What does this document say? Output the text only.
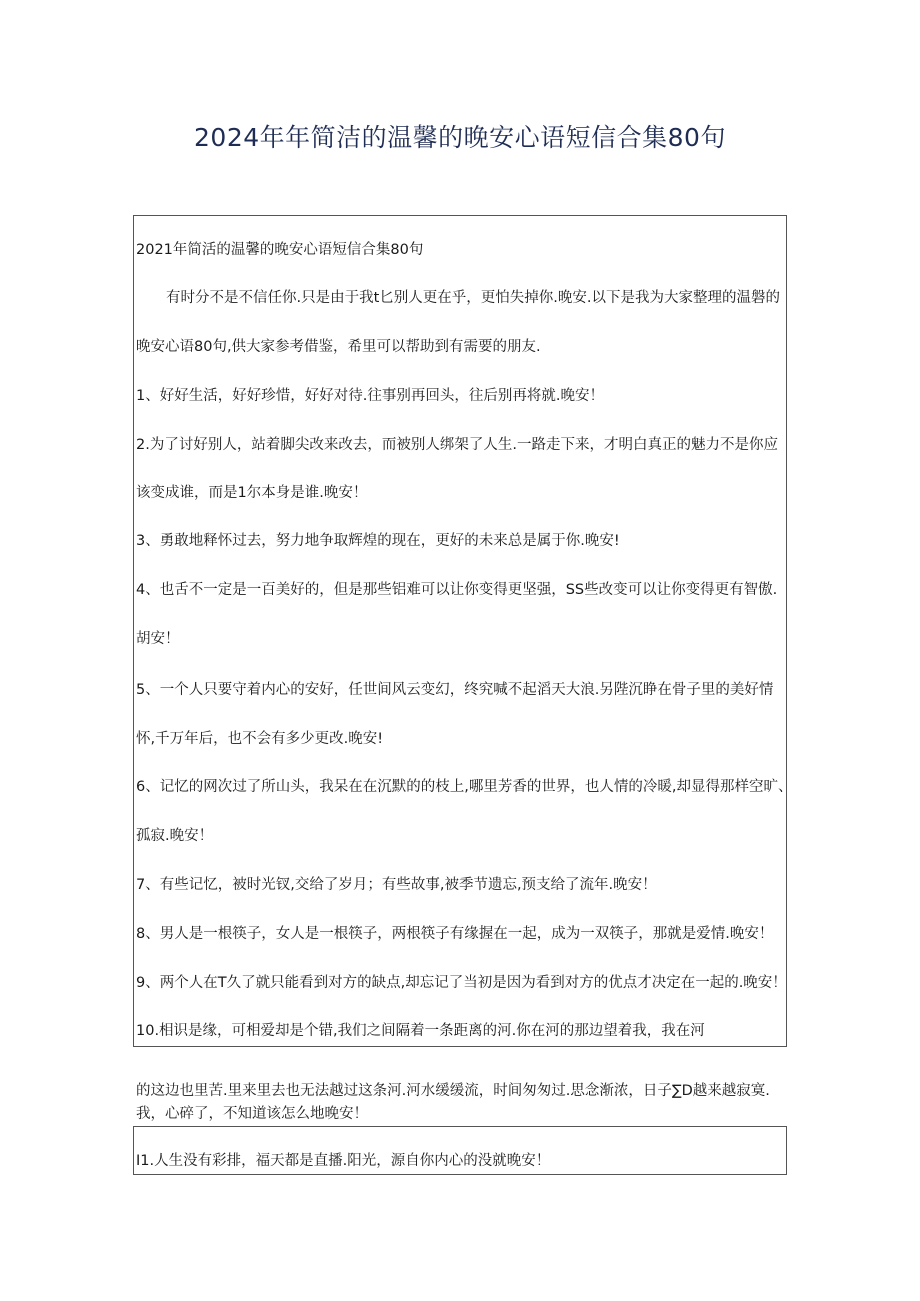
2024年年简洁的温馨的晚安心语短信合集80句
2021年简活的温馨的晚安心语短信合集80句
有时分不是不信任你.只是由于我t匕别人更在乎，更怕失掉你.晚安.以下是我为大家整理的温磐的
晚安心语80句,供大家参考借鉴，希里可以帮助到有需要的朋友.
1、好好生活，好好珍惜，好好对待.往事别再回头，往后别再将就.晚安！
2.为了讨好别人，站着脚尖改来改去，而被别人绑架了人生.一路走下来，才明白真正的魅力不是你应
该变成谁，而是1尔本身是谁.晚安！
3、勇敢地释怀过去，努力地争取辉煌的现在，更好的未来总是属于你.晚安!
4、也舌不一定是一百美好的，但是那些铝难可以让你变得更坚强，SS些改变可以让你变得更有智傲.
胡安！
5、一个人只要守着内心的安好，任世间风云变幻，终究喊不起滔天大浪.另陛沉睁在骨子里的美好情
怀,千万年后，也不会有多少更改.晚安!
6、记忆的网次过了所山头，我呆在在沉默的的枝上,哪里芳香的世界，也人情的冷暖,却显得那样空旷、
孤寂.晚安！
7、有些记忆，被时光钗,交给了岁月；有些故事,被季节遗忘,预支给了流年.晚安！
8、男人是一根筷子，女人是一根筷子，两根筷子有缘握在一起，成为一双筷子，那就是爱情.晚安！
9、两个人在T久了就只能看到对方的缺点,却忘记了当初是因为看到对方的优点才决定在一起的.晚安！
10.相识是缘，可相爱却是个错,我们之间隔着一条距离的河.你在河的那边望着我，我在河
的这边也里苦.里来里去也无法越过这条河.河水缓缓流，时间匆匆过.思念渐浓，日子∑D越来越寂寞.
我，心碎了，不知道该怎么地晚安！
I1.人生没有彩排，福天都是直播.阳光，源自你内心的没就晚安！
